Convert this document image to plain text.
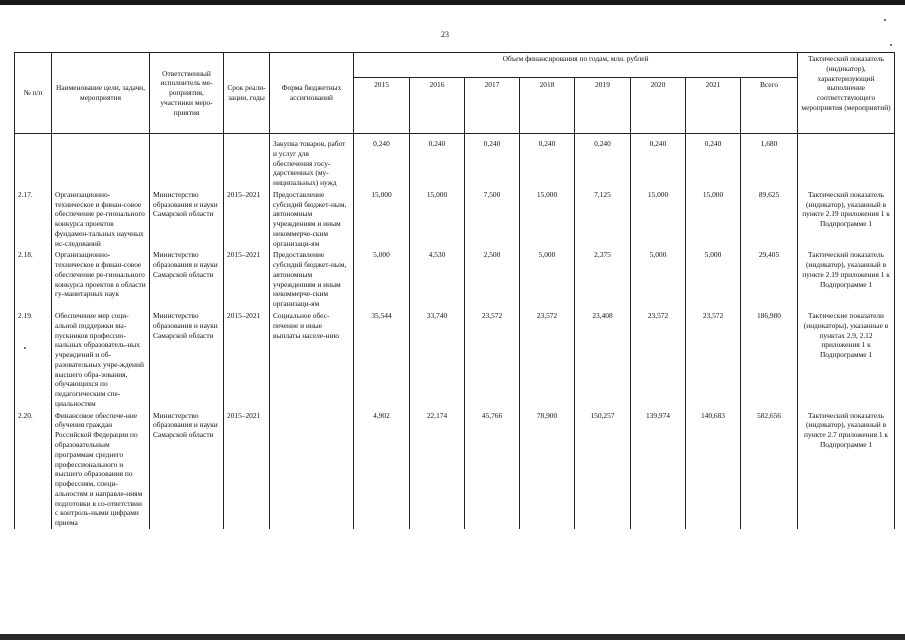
23
№ п/п	Наименование цели, задачи, мероприятия	Ответственный исполнитель ме-роприятия, участники меро-приятия	Срок реали-зации, годы	Форма бюджетных ассигнований	Объем финансирования по годам, млн. рублей								Тактический показатель (индикатор), характеризующий выполнение соответствующего мероприятия (мероприятий)
					2015	2016	2017	2018	2019	2020	2021	Всего	

				Закупка товаров, работ и услуг для обеспечения госу-дарственных (му-ниципальных) нужд	0,240	0,240	0,240	0,240	0,240	0,240	0,240	1,680	
2.17.	Организационно-техническое и финан-совое обеспечение ре-гионального конкурса проектов фундамен-тальных научных ис-следований	Министерство образования и науки Самарской области	2015–2021	Предоставление субсидий бюджет-ным, автономным учреждениям и иным некоммерче-ским организаци-ям	15,000	15,000	7,500	15,000	7,125	15,000	15,000	89,625	Тактический показатель (индикатор), указанный в пункте 2.19 приложения 1 к Подпрограмме 1
2.18.	Организационно-техническое и финан-совое обеспечение ре-гионального конкурса проектов в области гу-манитарных наук	Министерство образования и науки Самарской области	2015–2021	Предоставление субсидий бюджет-ным, автономным учреждениям и иным некоммерче-ским организаци-ям	5,000	4,530	2,500	5,000	2,375	5,000	5,000	29,405	Тактический показатель (индикатор), указанный в пункте 2.19 приложения 1 к Подпрограмме 1
2.19.	Обеспечение мер соци-альной поддержки вы-пускников профессио-нальных образователь-ных учреждений и об-разовательных учре-ждений высшего обра-зования, обучающихся по педагогическим спе-циальностям	Министерство образования и науки Самарской области	2015–2021	Социальное обес-печение и иные выплаты населе-нию	35,544	33,740	23,572	23,572	23,408	23,572	23,572	186,980	Тактические показатели (индикаторы), указанные в пунктах 2.9, 2.12 приложения 1 к Подпрограмме 1
2.20.	Финансовое обеспече-ние обучения граждан Российской Федерации по образовательным программам среднего профессионального и высшего образования по профессиям, специ-альностям и направле-ниям подготовки в со-ответствии с контроль-ными цифрами приема	Министерство образования и науки Самарской области	2015–2021		4,902	22,174	45,766	78,900	150,257	139,974	140,683	582,656	Тактический показатель (индикатор), указанный в пункте 2.7 приложения 1 к Подпрограмме 1
